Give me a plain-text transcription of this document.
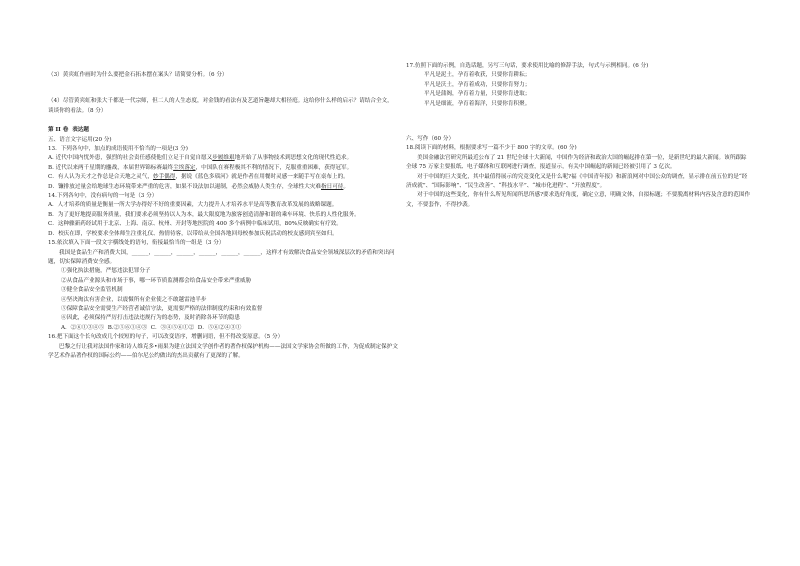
（3）黄宾虹作画时为什么要把金石拓本摆在案头？请简要分析。（6 分）

（4）尽管黄宾虹和张大千都是一代宗师，但二人的人生态度，对金钱的看法有及艺道旨趣却大相径庭。这给你什么样的启示？请结合全文，谈谈你的看法。（8 分）

第 II 卷  表达题

五、语言文字运用(20 分)

13．下列各句中，加点的成语使用不恰当的一项是(3 分)

A. 近代中国内忧外患，强烈的社会责任感使他们立足于自觉自愿又步履维艰地开始了从事物技术到思想文化的现代性追求。

B. 近代以来两千星期的鏖战，本届世界锦标赛最终尘埃落定，中国队在赛程极其不利的情况下，克服重重困难，获得冠军。

C．有人认为天才之作总是合天地之灵气，妙手偶得，据说《蓝色多瑙河》就是作者在用餐时灵感一来随手写在桌布上的。

D．镰排放过量会给地球生态环境带来严重的危害，如果不设法加以遏制，必然会威胁人类生存，全球性大灾难指日可待。

14.下列各句中，没有病句的一句是（3 分）

A．人才培养的质量是衡量一所大学办得好不好的重要因素，大力提升人才培养水平是高等教育改革发展的战略课题。

B．为了更好地提高服务质量，我们要求必须坚持以人为本，最大限度地为旅客创造清静和谐的乘车环境、快乐的人性化服务。

C．这种骤新药经试用于北京、上海、南京、杭州、开封等地医院的 400 多个病例中临床试用，80%反映确实有疗效。

D．校庆在即，学校要求全体师生注重礼仪、热情待客，以带给从全国各地回母校参加庆祝活动的校友感到宾至如归。

15.依次填入下面一段文字横线处的语句，衔接最恰当的一组是（3 分）

我国是食品生产和消费大国，______，______，______，______，______，______，这样才有效解决食品安全领域深层次的矛盾和突出问题，切实保障消费安全感。

①强化执法措施，严惩违法犯罪分子

②从食品产业源头和市场于事，哪一环节质监测都会给食品安全带来严重威胁

③健全食品安全监管机制

④坚决淘汰有害企业，以震慑所有企业使之不敢越雷池半步

⑤保障食品安全需要生产经营者诚信守法，更需要严格的法律制度约束和有效监督

⑥因此，必须保持严厉打击违法违规行为的态势，及时消除各环节的隐患

A．②⑥①③④⑤  B.②⑤⑥①④③  C．③④⑤⑥①②  D．⑤⑥②④③①

16.把下面这个长句改成几个较短的句子，可以改变语序，增删词语，但不得改变原意。（5 分）

巴黎之行让我对法国作家和诗人维克多•雨果为建立法国文学创作者的著作权保护机构——法国文学家协会所做的工作，为促成制定保护文学艺术作品著作权的国际公约——伯尔尼公约做出的杰出贡献有了更深的了解。

17.仿照下面的示例，自选话题，另写三句话，要求使用比喻的修辞手法，句式与示例相同。(6 分)

平凡是泥土，孕育着收获，只要你肯耕耘；

平凡是沃土，孕育着成功，只要你肯努力；

平凡是蒲阁，孕育着力量，只要你肯进取；

平凡是细流，孕育着海洋，只要你肯积聚。

六、写作（60 分）

18.阅读下面的材料，根据要求写一篇不少于 800 字的文章。(60 分)

美国金融法官研究所最近公布了 21 世纪全球十大新闻，中国作为经济和政治大国的崛起排在第一位，是新世纪的最大新闻。该所跟踪全球 75 万家主要报纸、电子媒体和互联网进行调查，报道显示，有关中国崛起的新闻已经被引用了 3 亿次。

对于中国的巨大变化，其中最值得展示的究竟变化又是什么呢?福《中国青年报》和新浪网对中国公众的调查，显示排在前五位的是“经济成就”、“国际影响”、“民生改善”、“科技水平”、“城市化进程”、“开放程度”。

对于中国的这些变化，你有什么所见所闻所思所感?要求选好角度，确定立意，明确文体，自拟标题；不要脱离材料内容及含意的范围作文，不要套作，不得抄袭。
